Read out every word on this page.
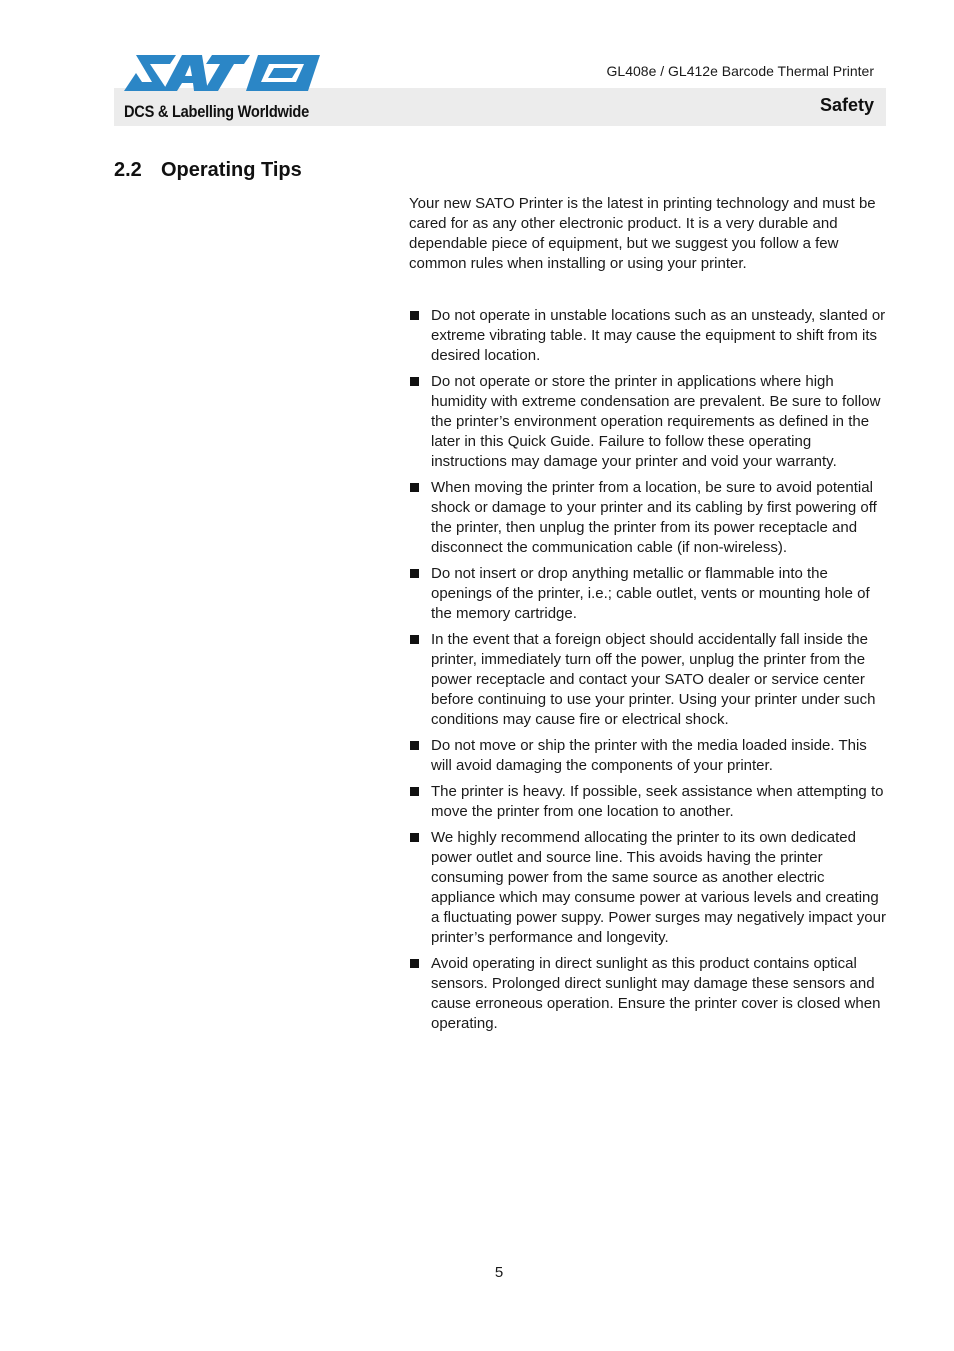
DCS & Labelling Worldwide
GL408e / GL412e Barcode Thermal Printer
Safety
2.2 Operating Tips

Your new SATO Printer is the latest in printing technology and must be cared for as any other electronic product. It is a very durable and dependable piece of equipment, but we suggest you follow a few common rules when installing or using your printer.

Do not operate in unstable locations such as an unsteady, slanted or extreme vibrating table. It may cause the equipment to shift from its desired location.
Do not operate or store the printer in applications where high humidity with extreme condensation are prevalent. Be sure to follow the printer’s environment operation requirements as defined in the later in this Quick Guide. Failure to follow these operating instructions may damage your printer and void your warranty.
When moving the printer from a location, be sure to avoid potential shock or damage to your printer and its cabling by first powering off the printer, then unplug the printer from its power receptacle and disconnect the communication cable (if non-wireless).
Do not insert or drop anything metallic or flammable into the openings of the printer, i.e.; cable outlet, vents or mounting hole of the memory cartridge.
In the event that a foreign object should accidentally fall inside the printer, immediately turn off the power, unplug the printer from the power receptacle and contact your SATO dealer or service center before continuing to use your printer. Using your printer under such conditions may cause fire or electrical shock.
Do not move or ship the printer with the media loaded inside. This will avoid damaging the components of your printer.
The printer is heavy. If possible, seek assistance when attempting to move the printer from one location to another.
We highly recommend allocating the printer to its own dedicated power outlet and source line. This avoids having the printer consuming power from the same source as another electric appliance which may consume power at various levels and creating a fluctuating power suppy. Power surges may negatively impact your printer’s performance and longevity.
Avoid operating in direct sunlight as this product contains optical sensors. Prolonged direct sunlight may damage these sensors and cause erroneous operation. Ensure the printer cover is closed when operating.
5
